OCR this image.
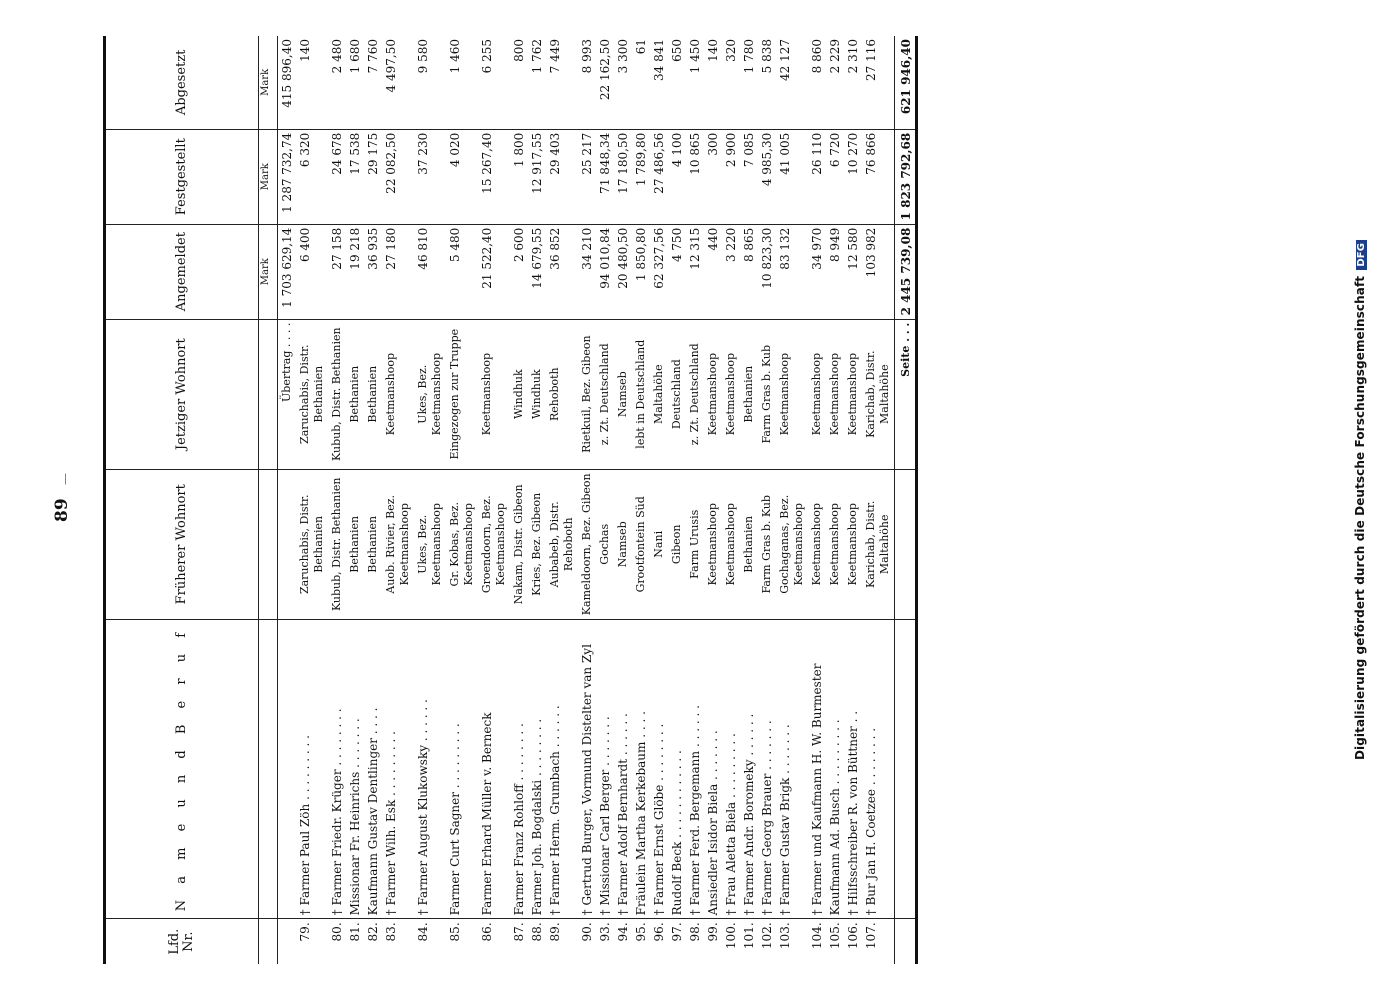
89
—
Lfd. Nr.	N a m e u n d B e r u f	Früherer Wohnort	Jetziger Wohnort	Angemeldet	Festgestellt	Abgesetzt
				Mark	Mark	Mark
			Übertrag . . . .	1 703 629,14	1 287 732,74	415 896,40
79.	† Farmer Paul Zöh . . . . . . . . .	Zaruchabis, Distr. Bethanien	Zaruchabis, Distr. Bethanien	6 400	6 320	140
80.	† Farmer Friedr. Krüger . . . . . . . .	Kubub, Distr. Bethanien	Kubub, Distr. Bethanien	27 158	24 678	2 480
81.	Missionar Fr. Heinrichs . . . . . . .	Bethanien	Bethanien	19 218	17 538	1 680
82.	Kaufmann Gustav Dentlinger . . . .	Bethanien	Bethanien	36 935	29 175	7 760
83.	† Farmer Wilh. Esk . . . . . . . . .	Auob. Rivier, Bez. Keetmanshoop	Keetmanshoop	27 180	22 082,50	4 497,50
84.	† Farmer August Klukowsky . . . . . .	Ukes, Bez. Keetmanshoop	Ukes, Bez. Keetmanshoop	46 810	37 230	9 580
85.	Farmer Curt Sagner . . . . . . . . .	Gr. Kobas, Bez. Keetmanshoop	Eingezogen zur Truppe	5 480	4 020	1 460
86.	Farmer Erhard Müller v. Berneck	Groendoorn, Bez. Keetmanshoop	Keetmanshoop	21 522,40	15 267,40	6 255
87.	Farmer Franz Rohloff . . . . . . . .	Nakam, Distr. Gibeon	Windhuk	2 600	1 800	800
88.	Farmer Joh. Bogdalski . . . . . . . .	Kries, Bez. Gibeon	Windhuk	14 679,55	12 917,55	1 762
89.	† Farmer Herm. Grumbach . . . . . .	Aubabeb, Distr. Rehoboth	Rehoboth	36 852	29 403	7 449
90.	† Gertrud Burger, Vormund Distelter van Zyl	Kameldoorn, Bez. Gibeon	Rietkuil, Bez. Gibeon	34 210	25 217	8 993
93.	† Missionar Carl Berger . . . . . . .	Gochas	z. Zt. Deutschland	94 010,84	71 848,34	22 162,50
94.	† Farmer Adolf Bernhardt . . . . . .	Namseb	Namseb	20 480,50	17 180,50	3 300
95.	Fräulein Martha Kerkebaum . . . .	Grootfontein Süd	lebt in Deutschland	1 850,80	1 789,80	61
96.	† Farmer Ernst Glöbe . . . . . . . .	Nani	Maltahöhe	62 327,56	27 486,56	34 841
97.	Rudolf Beck . . . . . . . . . . . .	Gibeon	Deutschland	4 750	4 100	650
98.	† Farmer Ferd. Bergemann . . . . . .	Farm Urusis	z. Zt. Deutschland	12 315	10 865	1 450
99.	Ansiedler Isidor Biela . . . . . . .	Keetmanshoop	Keetmanshoop	440	300	140
100.	† Frau Aletta Biela . . . . . . . . .	Keetmanshoop	Keetmanshoop	3 220	2 900	320
101.	† Farmer Andr. Boromeky . . . . . .	Bethanien	Bethanien	8 865	7 085	1 780
102.	† Farmer Georg Brauer . . . . . . .	Farm Gras b. Kub	Farm Gras b. Kub	10 823,30	4 985,30	5 838
103.	† Farmer Gustav Brigk . . . . . . .	Gochaganas, Bez. Keetmanshoop	Keetmanshoop	83 132	41 005	42 127
104.	† Farmer und Kaufmann H. W. Burmester	Keetmanshoop	Keetmanshoop	34 970	26 110	8 860
105.	Kaufmann Ad. Busch . . . . . . . . .	Keetmanshoop	Keetmanshoop	8 949	6 720	2 229
106.	† Hilfsschreiber R. von Büttner . .	Keetmanshoop	Keetmanshoop	12 580	10 270	2 310
107.	† Bur Jan H. Coetzee . . . . . . . .	Karichab, Distr. Maltahöhe	Karichab, Distr. Maltahöhe	103 982	76 866	27 116
			Seite . . .	2 445 739,08	1 823 792,68	621 946,40
Digitalisierung gefördert durch die Deutsche Forschungsgemeinschaft DFG
